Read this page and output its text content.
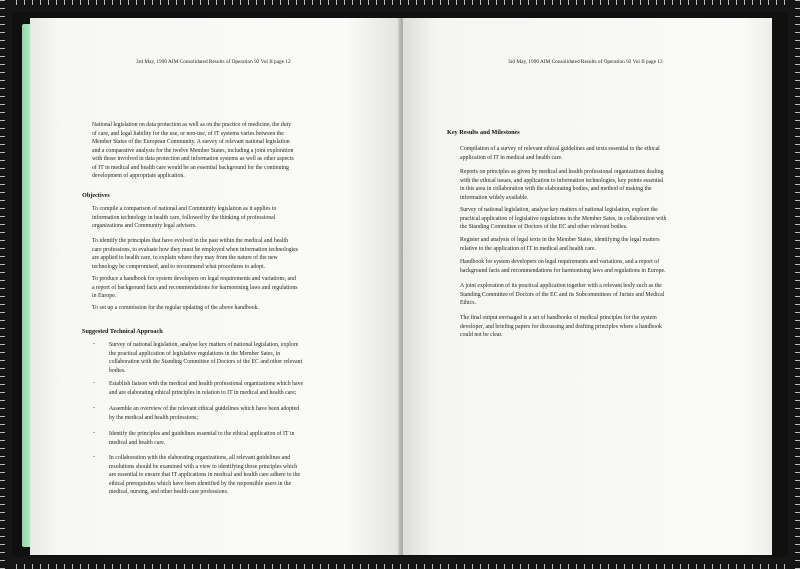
3rd May, 1990 AIM Consolidated Results of Operation 92 Vol II page 12
National legislation on data protection as well as on the practice of medicine, the duty
of care, and legal liability for the use, or non-use, of IT systems varies between the
Member States of the European Community. A survey of relevant national legislation
and a comparative analysis for the twelve Member States, including a joint exploration
with those involved in data protection and information systems as well as other aspects
of IT in medical and health care would be an essential background for the continuing
development of appropriate application.
Objectives
To compile a comparison of national and Community legislation as it applies to
information technology in health care, followed by the thinking of professional
organizations and Community legal advisers.
To identify the principles that have evolved in the past within the medical and health
care professions, to evaluate how they must be employed when information technologies
are applied to health care, to explain where they may from the nature of the new
technology be compromised, and to recommend what procedures to adopt.
To produce a handbook for system developers on legal requirements and variations, and
a report of background facts and recommendations for harmonising laws and regulations
in Europe.
To set up a commission for the regular updating of the above handbook.
Suggested Technical Approach
- Survey of national legislation, analyse key matters of national legislation, explore
the practical application of legislative regulations in the Member Sates, in
collaboration with the Standing Committee of Doctors of the EC and other relevant
bodies.
- Establish liaison with the medical and health professional organizations which have
and are elaborating ethical principles in relation to IT in medical and health care;
- Assemble an overview of the relevant ethical guidelines which have been adopted
by the medical and health professions;
- Identify the principles and guidelines essential to the ethical application of IT in
medical and health care.
- In collaboration with the elaborating organizations, all relevant guidelines and
resolutions should be examined with a view to identifying those principles which
are essential to ensure that IT applications in medical and health care adhere to the
ethical prerequisites which have been identified by the responsible users in the
medical, nursing, and other health care professions.
3rd May, 1990 AIM Consolidated Results of Operation 92 Vol II page 13
Key Results and Milestones
Compilation of a survey of relevant ethical guidelines and texts essential to the ethical
application of IT in medical and health care.
Reports on principles as given by medical and health professional organizations dealing
with the ethical issues, and application to information technologies, key points essential
in this area in collaboration with the elaborating bodies, and method of making the
information widely available.
Survey of national legislation, analyse key matters of national legislation, explore the
practical application of legislative regulations in the Member Sates, in collaboration with
the Standing Committee of Doctors of the EC and other relevant bodies.
Register and analysis of legal texts in the Member States, identifying the legal matters
relative to the application of IT in medical and health care.
Handbook for system developers on legal requirements and variations, and a report of
background facts and recommendations for harmonising laws and regulations in Europe.
A joint exploration of its practical application together with a relevant body such as the
Standing Committee of Doctors of the EC and its Subcommittees of Jurists and Medical
Ethics.
The final output envisaged is a set of handbooks of medical principles for the system
developer, and briefing papers for discussing and drafting principles where a handbook
could not be clear.
